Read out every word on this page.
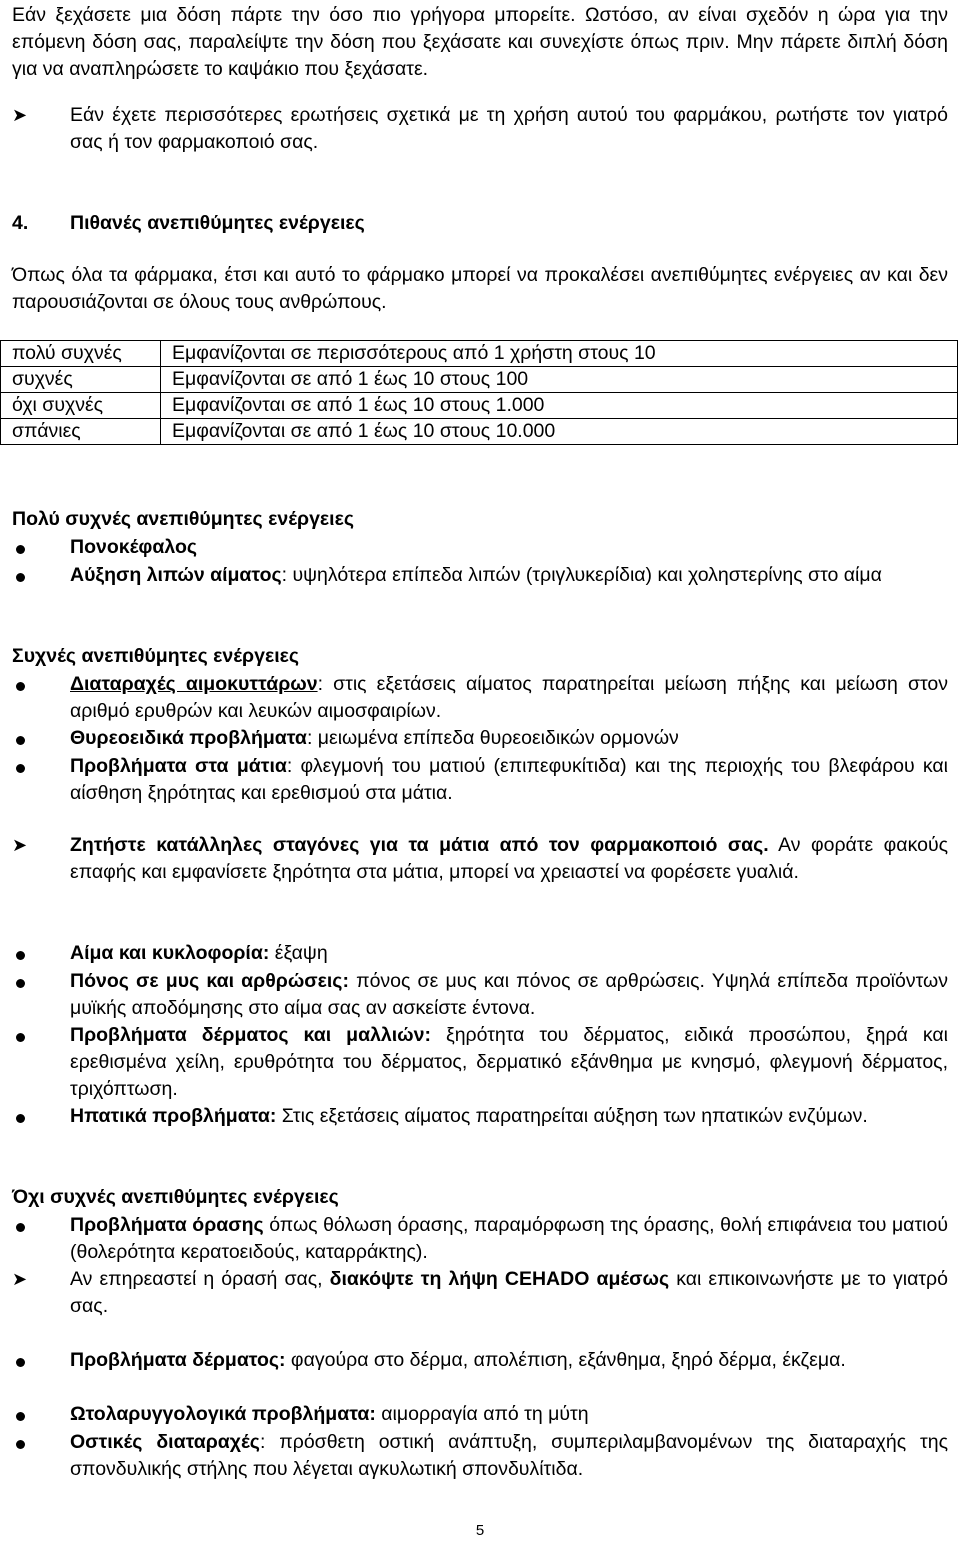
Εάν ξεχάσετε μια δόση πάρτε την όσο πιο γρήγορα μπορείτε. Ωστόσο, αν είναι σχεδόν η ώρα για την επόμενη δόση σας, παραλείψτε την δόση που ξεχάσατε και συνεχίστε όπως πριν. Μην πάρετε διπλή δόση για να αναπληρώσετε το καψάκιο που ξεχάσατε.
➤ Εάν έχετε περισσότερες ερωτήσεις σχετικά με τη χρήση αυτού του φαρμάκου, ρωτήστε τον γιατρό σας ή τον φαρμακοποιό σας.
4. Πιθανές ανεπιθύμητες ενέργειες
Όπως όλα τα φάρμακα, έτσι και αυτό το φάρμακο μπορεί να προκαλέσει ανεπιθύμητες ενέργειες αν και δεν παρουσιάζονται σε όλους τους ανθρώπους.
πολύ συχνές	Εμφανίζονται σε περισσότερους από 1 χρήστη στους 10
συχνές	Εμφανίζονται σε από 1 έως 10 στους 100
όχι συχνές	Εμφανίζονται σε από 1 έως 10 στους 1.000
σπάνιες	Εμφανίζονται σε από 1 έως 10 στους 10.000
Πολύ συχνές ανεπιθύμητες ενέργειες
Πονοκέφαλος
Αύξηση λιπών αίματος: υψηλότερα επίπεδα λιπών (τριγλυκερίδια) και χοληστερίνης στο αίμα
Συχνές ανεπιθύμητες ενέργειες
Διαταραχές αιμοκυττάρων: στις εξετάσεις αίματος παρατηρείται μείωση πήξης και μείωση στον αριθμό ερυθρών και λευκών αιμοσφαιρίων.
Θυρεοειδικά προβλήματα: μειωμένα επίπεδα θυρεοειδικών ορμονών
Προβλήματα στα μάτια: φλεγμονή του ματιού (επιπεφυκίτιδα) και της περιοχής του βλεφάρου και αίσθηση ξηρότητας και ερεθισμού στα μάτια.
➤ Ζητήστε κατάλληλες σταγόνες για τα μάτια από τον φαρμακοποιό σας. Αν φοράτε φακούς επαφής και εμφανίσετε ξηρότητα στα μάτια, μπορεί να χρειαστεί να φορέσετε γυαλιά.
Αίμα και κυκλοφορία: έξαψη
Πόνος σε μυς και αρθρώσεις: πόνος σε μυς και πόνος σε αρθρώσεις. Υψηλά επίπεδα προϊόντων μυϊκής αποδόμησης στο αίμα σας αν ασκείστε έντονα.
Προβλήματα δέρματος και μαλλιών: ξηρότητα του δέρματος, ειδικά προσώπου, ξηρά και ερεθισμένα χείλη, ερυθρότητα του δέρματος, δερματικό εξάνθημα με κνησμό, φλεγμονή δέρματος, τριχόπτωση.
Ηπατικά προβλήματα: Στις εξετάσεις αίματος παρατηρείται αύξηση των ηπατικών ενζύμων.
Όχι συχνές ανεπιθύμητες ενέργειες
Προβλήματα όρασης όπως θόλωση όρασης, παραμόρφωση της όρασης, θολή επιφάνεια του ματιού (θολερότητα κερατοειδούς, καταρράκτης).
➤ Αν επηρεαστεί η όρασή σας, διακόψτε τη λήψη CEHADO αμέσως και επικοινωνήστε με το γιατρό σας.
Προβλήματα δέρματος: φαγούρα στο δέρμα, απολέπιση, εξάνθημα, ξηρό δέρμα, έκζεμα.
Ωτολαρυγγολογικά προβλήματα: αιμορραγία από τη μύτη
Οστικές διαταραχές: πρόσθετη οστική ανάπτυξη, συμπεριλαμβανομένων της διαταραχής της σπονδυλικής στήλης που λέγεται αγκυλωτική σπονδυλίτιδα.
5
